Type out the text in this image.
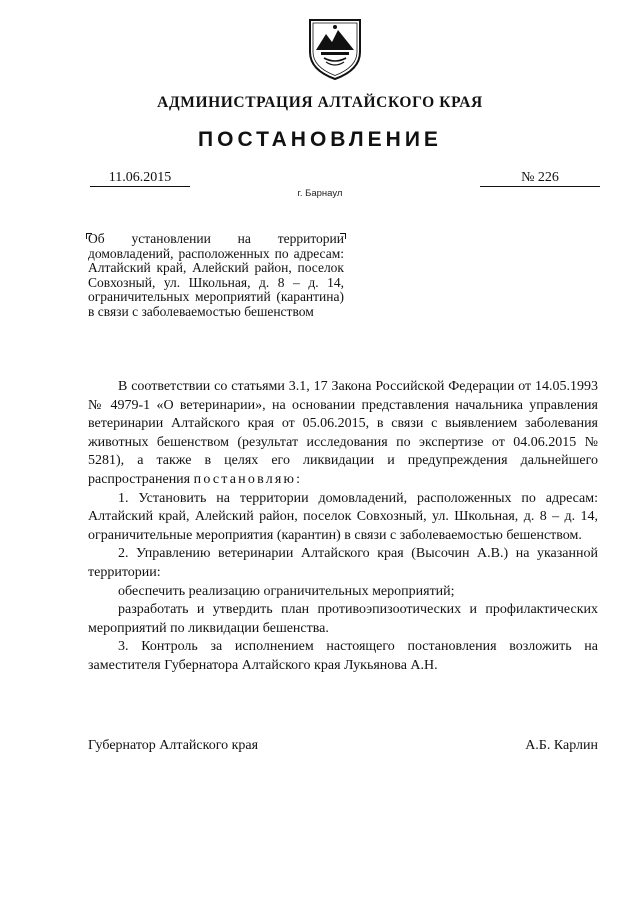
АДМИНИСТРАЦИЯ АЛТАЙСКОГО КРАЯ
ПОСТАНОВЛЕНИЕ
11.06.2015	№ 226
г. Барнаул

Об установлении на территории домовладений, расположенных по адресам: Алтайский край, Алейский район, поселок Совхозный, ул. Школьная, д. 8 – д. 14, ограничительных мероприятий (карантина) в связи с заболеваемостью бешенством

В соответствии со статьями 3.1, 17 Закона Российской Федерации от 14.05.1993 № 4979-1 «О ветеринарии», на основании представления начальника управления ветеринарии Алтайского края от 05.06.2015, в связи с выявлением заболевания животных бешенством (результат исследования по экспертизе от 04.06.2015 № 5281), а также в целях его ликвидации и предупреждения дальнейшего распространения постановляю:

1. Установить на территории домовладений, расположенных по адресам: Алтайский край, Алейский район, поселок Совхозный, ул. Школьная, д. 8 – д. 14, ограничительные мероприятия (карантин) в связи с заболеваемостью бешенством.

2. Управлению ветеринарии Алтайского края (Высочин А.В.) на указанной территории:

обеспечить реализацию ограничительных мероприятий;

разработать и утвердить план противоэпизоотических и профилактических мероприятий по ликвидации бешенства.

3. Контроль за исполнением настоящего постановления возложить на заместителя Губернатора Алтайского края Лукьянова А.Н.

Губернатор Алтайского края	А.Б. Карлин
